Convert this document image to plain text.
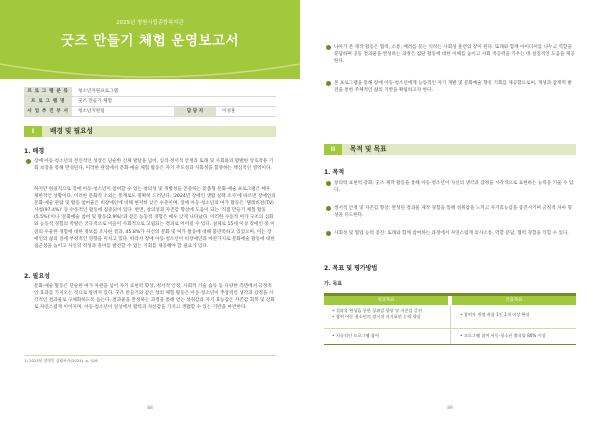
2025년 청원시립종합복지관
굿즈 만들기 체험 운영보고서
프 로 그 램 분 류	청소년자원프로그램
프 로 그 램 명	굿즈 만들기 체험
사 업 추 진 부 서	청소년지원팀	담 당 자	이성훈
I	배경 및 필요성
1. 배경
장애 아동·청소년의 전인적인 성장은 단순한 신체 발달을 넘어, 심리·정서적 안정과 또래 및 사회와의 활발한 상호작용 기회 보장을 통해 완성된다. 이러한 관점에서 문화·예술 체험 활동은 자기 주도성과 사회성을 함양하는 핵심적인 영역이다.
하지만 현실적으로 장애 아동·청소년이 참여할 수 있는 창의성 및 개별성을 존중하는 맞춤형 문화·예술 프로그램은 매우 제한적인 상황이다. 이러한 문화적 소외는 통계로도 명확히 드러난다. '2024년 장애인 생활 실태 조사'에 따르면 장애인의 문화·예술 관람 및 활동 참여율은 비장애인에 비해 현저히 낮은 수준이며, 장애 아동·청소년의 여가 활동은 '텔레비전(TV) 시청(97.4%)' 등 수동적인 활동에 집중되어 있다. 반면, 창의성과 자존감 향상에 도움이 되는 '직접 만들기 체험 활동(5.5%)'이나 '문화예술 참여 및 활동(2.9%)'과 같은 능동적 경험은 매우 낮게 나타났다. 이러한 수동적 여가 구조의 심화와 능동적 경험의 박탈은 궁극적으로 이들이 사회적으로 고립되는 결과로 이어질 수 있다. 실제로 15세 이상 장애인 중 이전의 우울한 경험에 대한 정보를 조사한 결과, 45.8%가 자신의 문화 및 여가 활동에 대해 불만족하고 있었으며, 이는 장애인의 삶의 질에 부정적인 영향을 미치고 있다. 따라서 장애 아동·청소년이 비장애인과 마찬가지로 문화예술 활동에 대한 접근성을 높이고 자신의 적성과 흥미를 발견할 수 있는 기회를 제공해야 할 필요가 있다.
2. 필요성
문화·예술 활동은 단순한 여가 차원을 넘어 자기 표현력 향상, 정서적 안정, 사회적 기술 습득 등 다양한 측면에서 긍정적인 효과를 가져오는 것으로 알려져 있다. 굿즈 만들기와 같은 창의 체험 활동은 아동·청소년이 추상적인 생각과 감정을 시각적인 결과물로 구체화하도록 돕는다. 결과물을 완성하는 과정을 통해 얻는 성취감과 자기 효능감은 자존감 회복 및 강화로 자연스럽게 이어지며, 아동·청소년이 일상에서 활력과 자신감을 가지고 생활할 수 있는 기반을 마련한다.
1) 2023년 장애인 실태조사(2024), p. 526
88
나아가 본 제작 활동은 협력, 소통, 배려를 묻는 익히는 사회성 훈련의 장이 된다. 또래와 함께 아이디어를 나누고 역할을 분담하며 공동 결과물을 완성하는 과정은 집단 활동에 대한 이해를 높이고 사회 적응력을 키우는 데 실질적인 도움을 제공한다.
본 프로그램을 통해 장애 아동·청소년에게 능동적인 자기 개발 및 문화예술 향유 기회를 제공함으로써, 개성과 잠재력 발견을 통한 주체적인 삶의 기반을 확립하고자 한다.
II	목적 및 목표
1. 목적
창의력 표현력 강화: 굿즈 제작 활동을 통해 아동·청소년이 자신의 생각과 감정을 시각적으로 표현하는 능력을 키울 수 있다.
정서적 안정 및 자존감 향상: 완성된 결과물 제작 경험을 통해 성취감을 느끼고 자기효능감을 증진시키며 긍정적 자아 형성을 유도한다.
사회성 및 협업 능력 증진: 또래와 함께 참여하는 과정에서 자연스럽게 의사소통, 역할 분담, 협력 경험을 익힐 수 있다.
2. 목표 및 평가방법
가. 목표
성과목표	산출목표
• 결과물 완성을 통한 성취감 향상 및 자존감 증진
• 참여 아동·청소년의 정서적 자기표현 능력 향상	• 참여자 개별 작품 1인 1개 이상 완성
• 지속적인 프로그램 참여	• 프로그램 참여 아동·청소년 출석률 80% 이상
89
